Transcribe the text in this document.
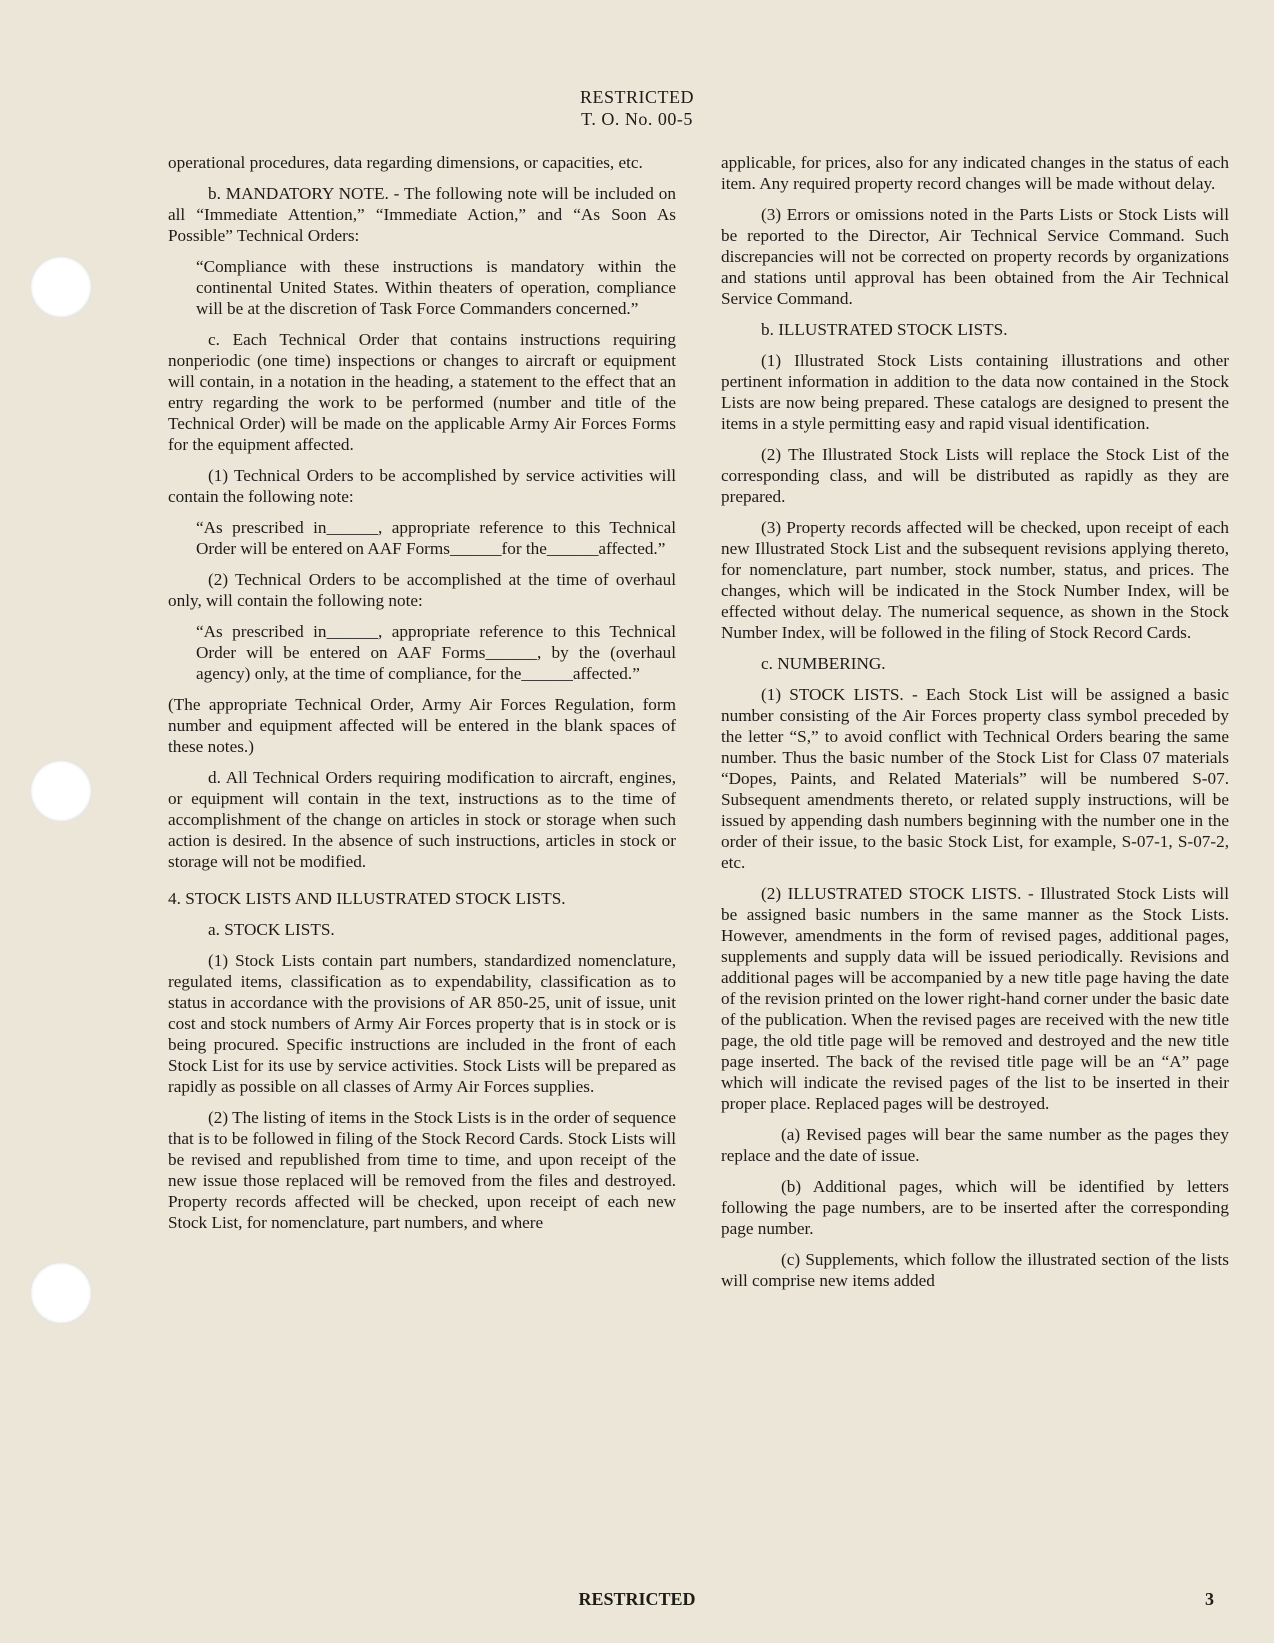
RESTRICTED
T. O. No. 00-5

operational procedures, data regarding dimensions, or capacities, etc.

b. MANDATORY NOTE. - The following note will be included on all “Immediate Attention,” “Immediate Action,” and “As Soon As Possible” Technical Orders:

“Compliance with these instructions is mandatory within the continental United States. Within theaters of operation, compliance will be at the discretion of Task Force Commanders concerned.”

c. Each Technical Order that contains instructions requiring nonperiodic (one time) inspections or changes to aircraft or equipment will contain, in a notation in the heading, a statement to the effect that an entry regarding the work to be performed (number and title of the Technical Order) will be made on the applicable Army Air Forces Forms for the equipment affected.

(1) Technical Orders to be accomplished by service activities will contain the following note:

“As prescribed in______, appropriate reference to this Technical Order will be entered on AAF Forms______for the______affected.”

(2) Technical Orders to be accomplished at the time of overhaul only, will contain the following note:

“As prescribed in______, appropriate reference to this Technical Order will be entered on AAF Forms______, by the (overhaul agency) only, at the time of compliance, for the______affected.”

(The appropriate Technical Order, Army Air Forces Regulation, form number and equipment affected will be entered in the blank spaces of these notes.)

d. All Technical Orders requiring modification to aircraft, engines, or equipment will contain in the text, instructions as to the time of accomplishment of the change on articles in stock or storage when such action is desired. In the absence of such instructions, articles in stock or storage will not be modified.

4. STOCK LISTS AND ILLUSTRATED STOCK LISTS.

a. STOCK LISTS.

(1) Stock Lists contain part numbers, standardized nomenclature, regulated items, classification as to expendability, classification as to status in accordance with the provisions of AR 850-25, unit of issue, unit cost and stock numbers of Army Air Forces property that is in stock or is being procured. Specific instructions are included in the front of each Stock List for its use by service activities. Stock Lists will be prepared as rapidly as possible on all classes of Army Air Forces supplies.

(2) The listing of items in the Stock Lists is in the order of sequence that is to be followed in filing of the Stock Record Cards. Stock Lists will be revised and republished from time to time, and upon receipt of the new issue those replaced will be removed from the files and destroyed. Property records affected will be checked, upon receipt of each new Stock List, for nomenclature, part numbers, and where

applicable, for prices, also for any indicated changes in the status of each item. Any required property record changes will be made without delay.

(3) Errors or omissions noted in the Parts Lists or Stock Lists will be reported to the Director, Air Technical Service Command. Such discrepancies will not be corrected on property records by organizations and stations until approval has been obtained from the Air Technical Service Command.

b. ILLUSTRATED STOCK LISTS.

(1) Illustrated Stock Lists containing illustrations and other pertinent information in addition to the data now contained in the Stock Lists are now being prepared. These catalogs are designed to present the items in a style permitting easy and rapid visual identification.

(2) The Illustrated Stock Lists will replace the Stock List of the corresponding class, and will be distributed as rapidly as they are prepared.

(3) Property records affected will be checked, upon receipt of each new Illustrated Stock List and the subsequent revisions applying thereto, for nomenclature, part number, stock number, status, and prices. The changes, which will be indicated in the Stock Number Index, will be effected without delay. The numerical sequence, as shown in the Stock Number Index, will be followed in the filing of Stock Record Cards.

c. NUMBERING.

(1) STOCK LISTS. - Each Stock List will be assigned a basic number consisting of the Air Forces property class symbol preceded by the letter “S,” to avoid conflict with Technical Orders bearing the same number. Thus the basic number of the Stock List for Class 07 materials “Dopes, Paints, and Related Materials” will be numbered S-07. Subsequent amendments thereto, or related supply instructions, will be issued by appending dash numbers beginning with the number one in the order of their issue, to the basic Stock List, for example, S-07-1, S-07-2, etc.

(2) ILLUSTRATED STOCK LISTS. - Illustrated Stock Lists will be assigned basic numbers in the same manner as the Stock Lists. However, amendments in the form of revised pages, additional pages, supplements and supply data will be issued periodically. Revisions and additional pages will be accompanied by a new title page having the date of the revision printed on the lower right-hand corner under the basic date of the publication. When the revised pages are received with the new title page, the old title page will be removed and destroyed and the new title page inserted. The back of the revised title page will be an “A” page which will indicate the revised pages of the list to be inserted in their proper place. Replaced pages will be destroyed.

(a) Revised pages will bear the same number as the pages they replace and the date of issue.

(b) Additional pages, which will be identified by letters following the page numbers, are to be inserted after the corresponding page number.

(c) Supplements, which follow the illustrated section of the lists will comprise new items added

RESTRICTED	3
